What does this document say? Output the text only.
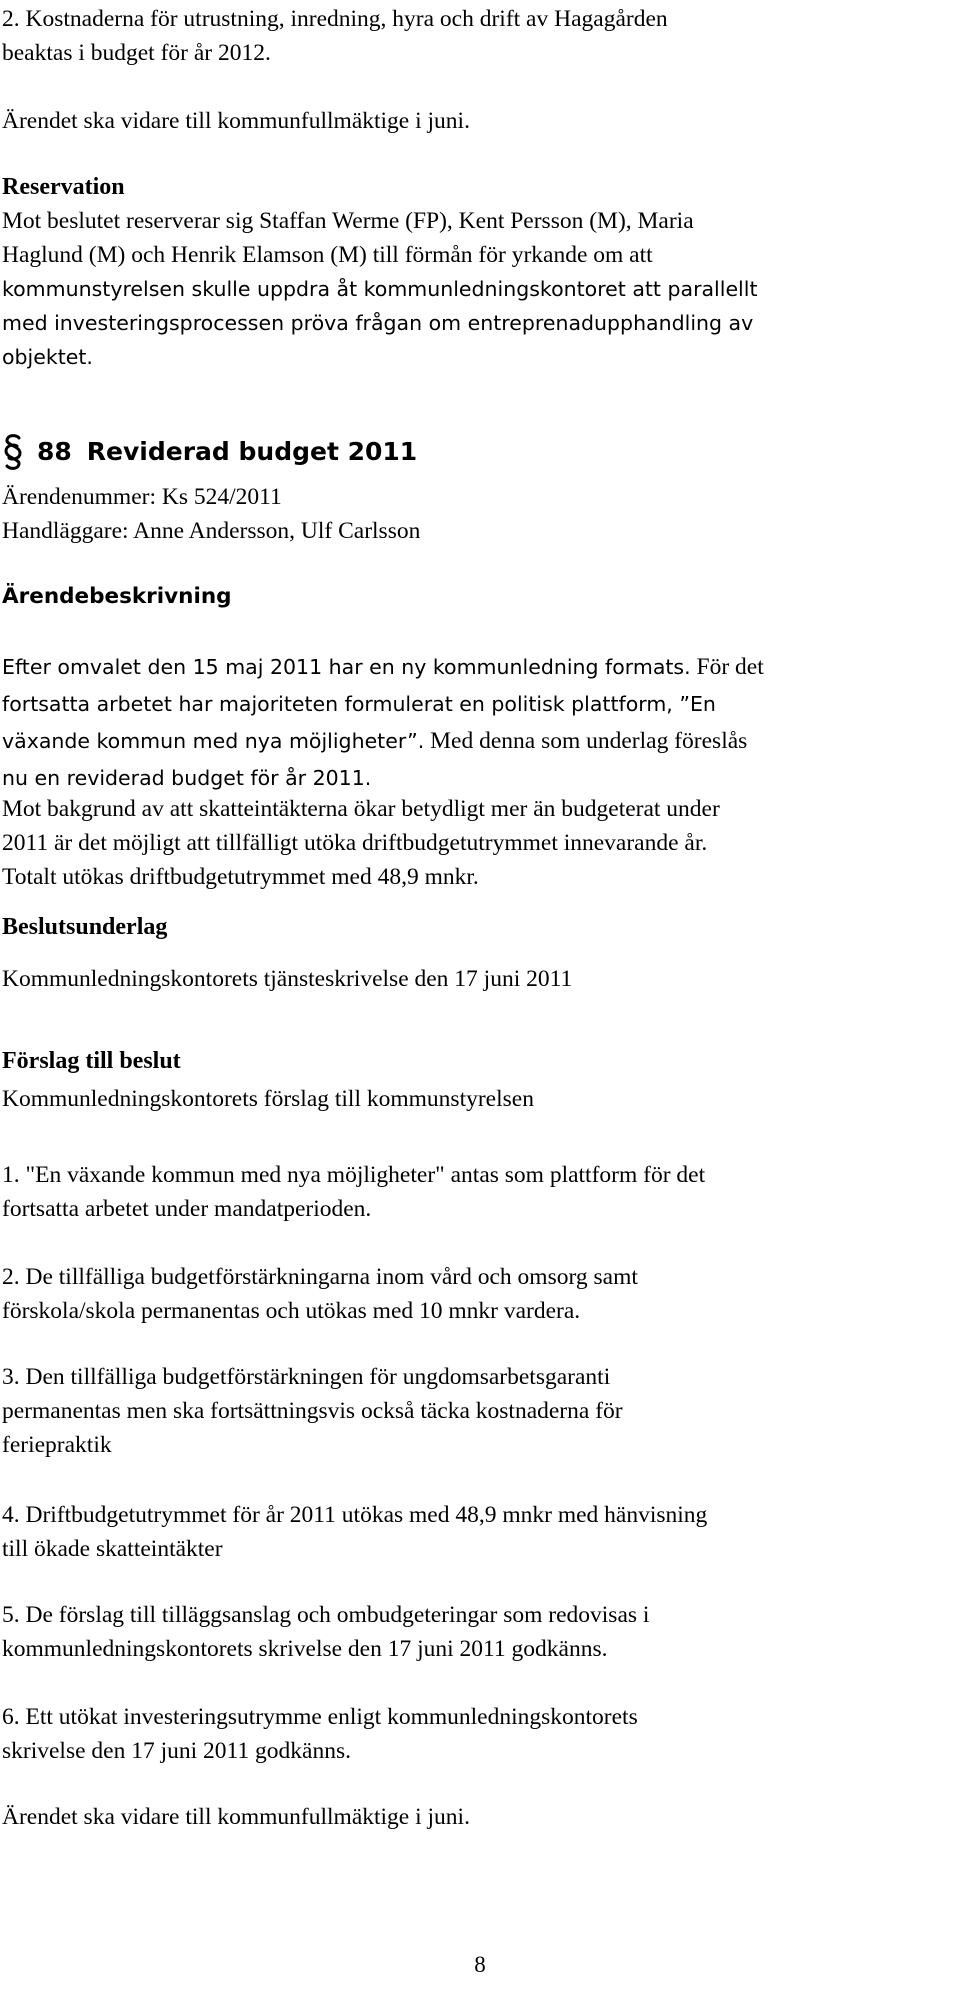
2. Kostnaderna för utrustning, inredning, hyra och drift av Hagagården
beaktas i budget för år 2012.

Ärendet ska vidare till kommunfullmäktige i juni.

Reservation

Mot beslutet reserverar sig Staffan Werme (FP), Kent Persson (M), Maria
Haglund (M) och Henrik Elamson (M) till förmån för yrkande om att

kommunstyrelsen skulle uppdra åt kommunledningskontoret att parallellt
med investeringsprocessen pröva frågan om entreprenadupphandling av
objektet.

88 Reviderad budget 2011

Ärendenummer: Ks 524/2011

Handläggare: Anne Andersson, Ulf Carlsson

Ärendebeskrivning

Efter omvalet den 15 maj 2011 har en ny kommunledning formats. För det
fortsatta arbetet har majoriteten formulerat en politisk plattform, ”En
växande kommun med nya möjligheter”. Med denna som underlag föreslås
nu en reviderad budget för år 2011.

Mot bakgrund av att skatteintäkterna ökar betydligt mer än budgeterat under
2011 är det möjligt att tillfälligt utöka driftbudgetutrymmet innevarande år.
Totalt utökas driftbudgetutrymmet med 48,9 mnkr.

Beslutsunderlag

Kommunledningskontorets tjänsteskrivelse den 17 juni 2011

Förslag till beslut

Kommunledningskontorets förslag till kommunstyrelsen

1. "En växande kommun med nya möjligheter" antas som plattform för det
fortsatta arbetet under mandatperioden.

2. De tillfälliga budgetförstärkningarna inom vård och omsorg samt
förskola/skola permanentas och utökas med 10 mnkr vardera.

3. Den tillfälliga budgetförstärkningen för ungdomsarbetsgaranti
permanentas men ska fortsättningsvis också täcka kostnaderna för
feriepraktik

4. Driftbudgetutrymmet för år 2011 utökas med 48,9 mnkr med hänvisning
till ökade skatteintäkter

5. De förslag till tilläggsanslag och ombudgeteringar som redovisas i
kommunledningskontorets skrivelse den 17 juni 2011 godkänns.

6. Ett utökat investeringsutrymme enligt kommunledningskontorets
skrivelse den 17 juni 2011 godkänns.

Ärendet ska vidare till kommunfullmäktige i juni.

8
